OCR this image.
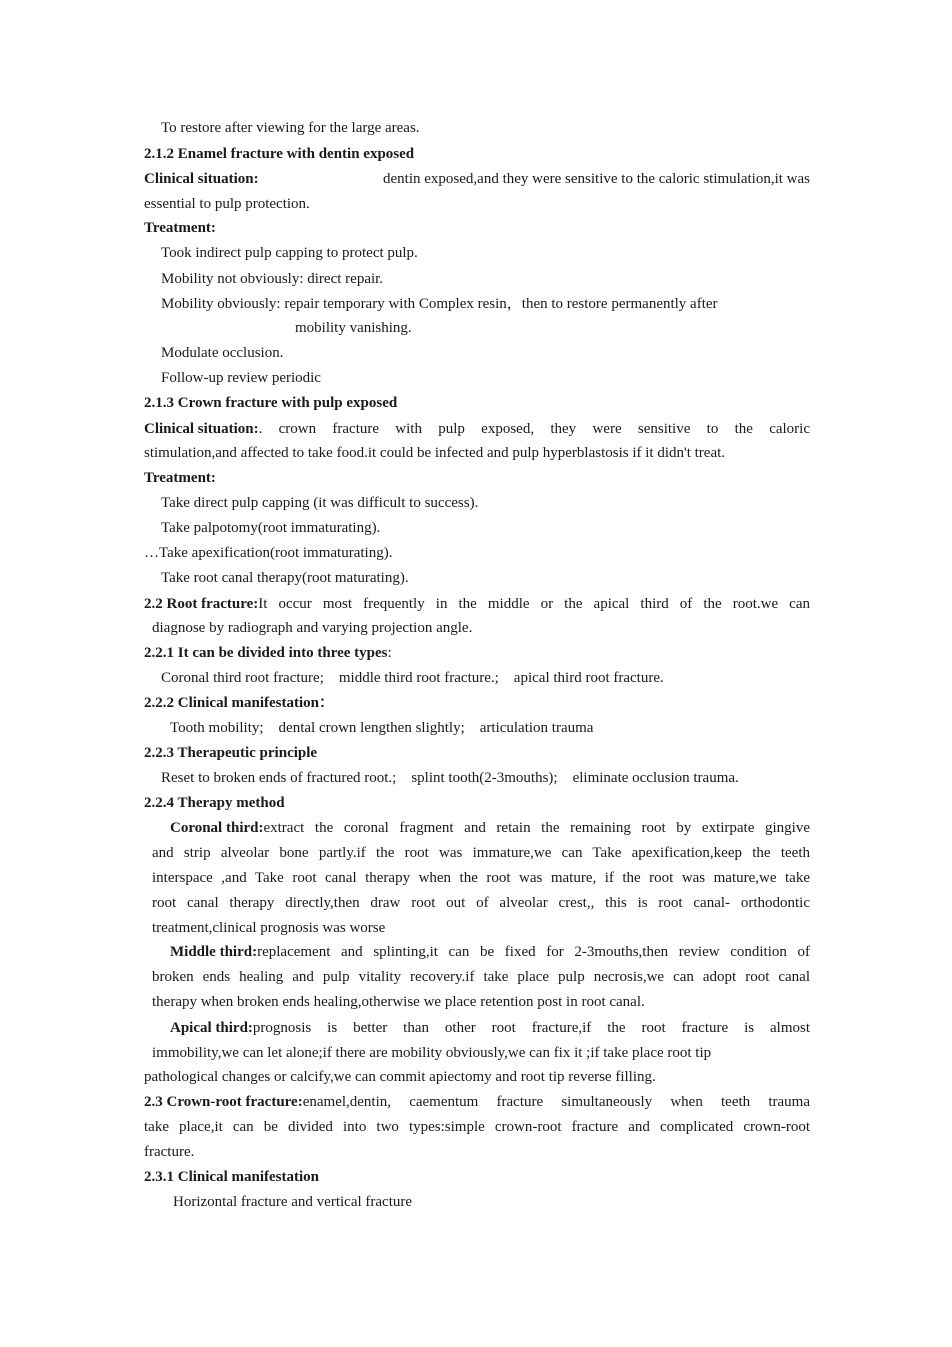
To restore after viewing for the large areas.
2.1.2 Enamel fracture with dentin exposed
Clinical situation:	dentin exposed,and they were sensitive to the caloric stimulation,it was
essential to pulp protection.
Treatment:
Took indirect pulp capping to protect pulp.
Mobility not obviously: direct repair.
Mobility obviously: repair temporary with Complex resin，then to restore permanently after
mobility vanishing.
Modulate occlusion.
Follow-up review periodic
2.1.3 Crown fracture with pulp exposed
Clinical situation: . crown fracture with pulp exposed, they were sensitive to the caloric
stimulation,and affected to take food.it could be infected and pulp hyperblastosis if it didn't treat.
Treatment:
Take direct pulp capping (it was difficult to success).
Take palpotomy(root immaturating).
…Take apexification(root immaturating).
Take root canal therapy(root maturating).
2.2 Root fracture: It occur most frequently in the middle or the apical third of the root.we can
diagnose by radiograph and varying projection angle.
2.2.1 It can be divided into three types:
Coronal third root fracture;    middle third root fracture.;    apical third root fracture.
2.2.2 Clinical manifestation：
Tooth mobility;    dental crown lengthen slightly;    articulation trauma
2.2.3 Therapeutic principle
Reset to broken ends of fractured root.;    splint tooth(2-3mouths);    eliminate occlusion trauma.
2.2.4 Therapy method
Coronal third: extract the coronal fragment and retain the remaining root by extirpate gingive
and strip alveolar bone partly.if the root was immature,we can Take apexification,keep the teeth
interspace ,and Take root canal therapy when the root was mature, if the root was mature,we take
root canal therapy directly,then draw root out of alveolar crest,, this is root canal- orthodontic
treatment,clinical prognosis was worse
Middle third: replacement and splinting,it can be fixed for 2-3mouths,then review condition of
broken ends healing and pulp vitality recovery.if take place pulp necrosis,we can adopt root canal
therapy when broken ends healing,otherwise we place retention post in root canal.
Apical third: prognosis is better than other root fracture,if the root fracture is almost
immobility,we can let alone;if there are mobility obviously,we can fix it ;if take place root tip
pathological changes or calcify,we can commit apiectomy and root tip reverse filling.
2.3 Crown-root fracture: enamel,dentin, caementum fracture simultaneously when teeth trauma
take place,it can be divided into two types:simple crown-root fracture and complicated crown-root
fracture.
2.3.1 Clinical manifestation
Horizontal fracture and vertical fracture
